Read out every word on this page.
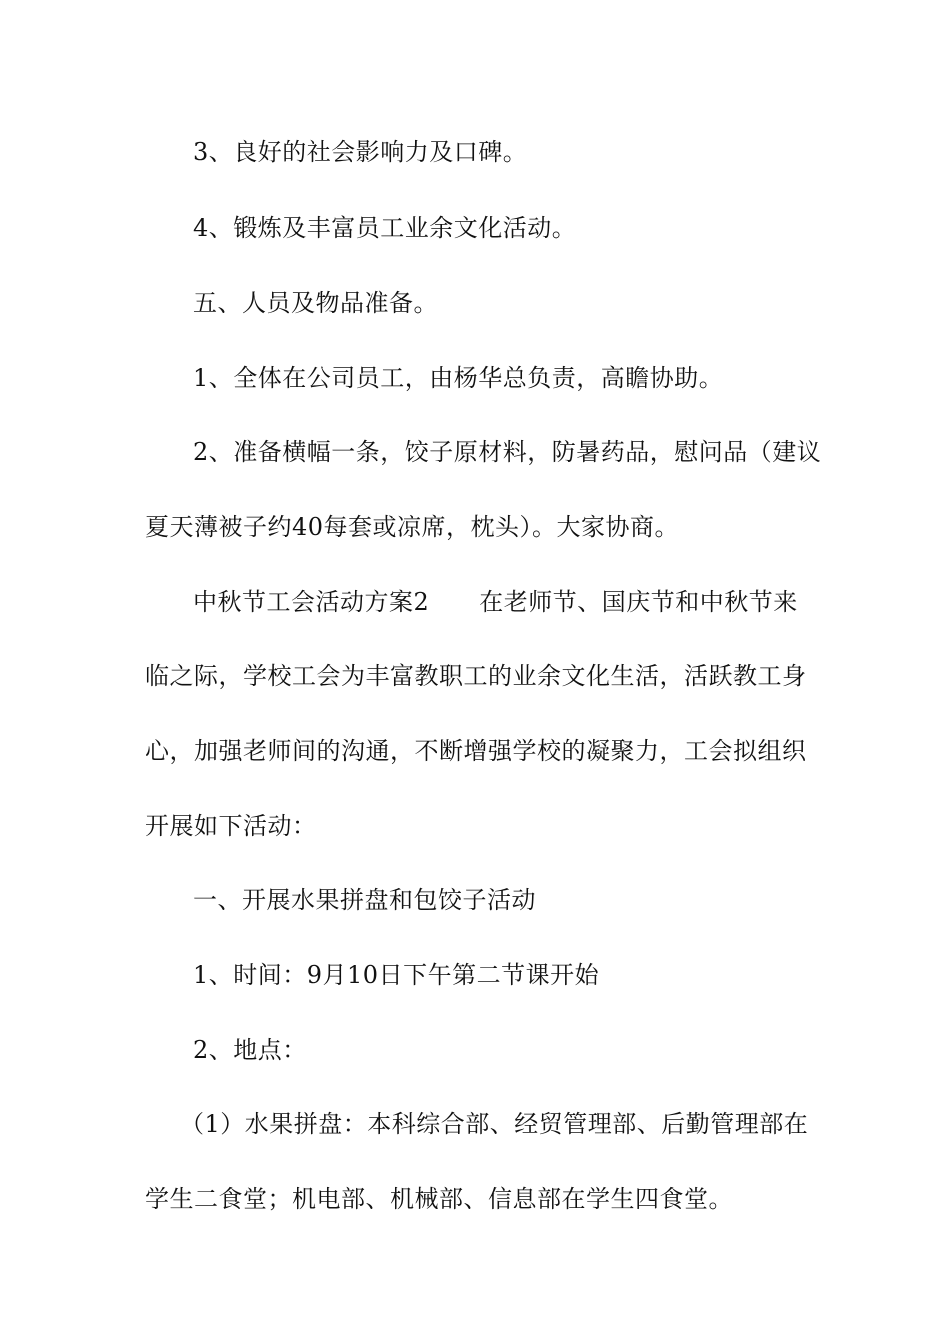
3、良好的社会影响力及口碑。
4、锻炼及丰富员工业余文化活动。
五、人员及物品准备。
1、全体在公司员工，由杨华总负责，高瞻协助。
2、准备横幅一条，饺子原材料，防暑药品，慰问品（建议
夏天薄被子约40每套或凉席，枕头）。大家协商。
中秋节工会活动方案2 在老师节、国庆节和中秋节来
临之际，学校工会为丰富教职工的业余文化生活，活跃教工身
心，加强老师间的沟通，不断增强学校的凝聚力，工会拟组织
开展如下活动：
一、开展水果拼盘和包饺子活动
1、时间：9月10日下午第二节课开始
2、地点：
（1）水果拼盘：本科综合部、经贸管理部、后勤管理部在
学生二食堂；机电部、机械部、信息部在学生四食堂。
